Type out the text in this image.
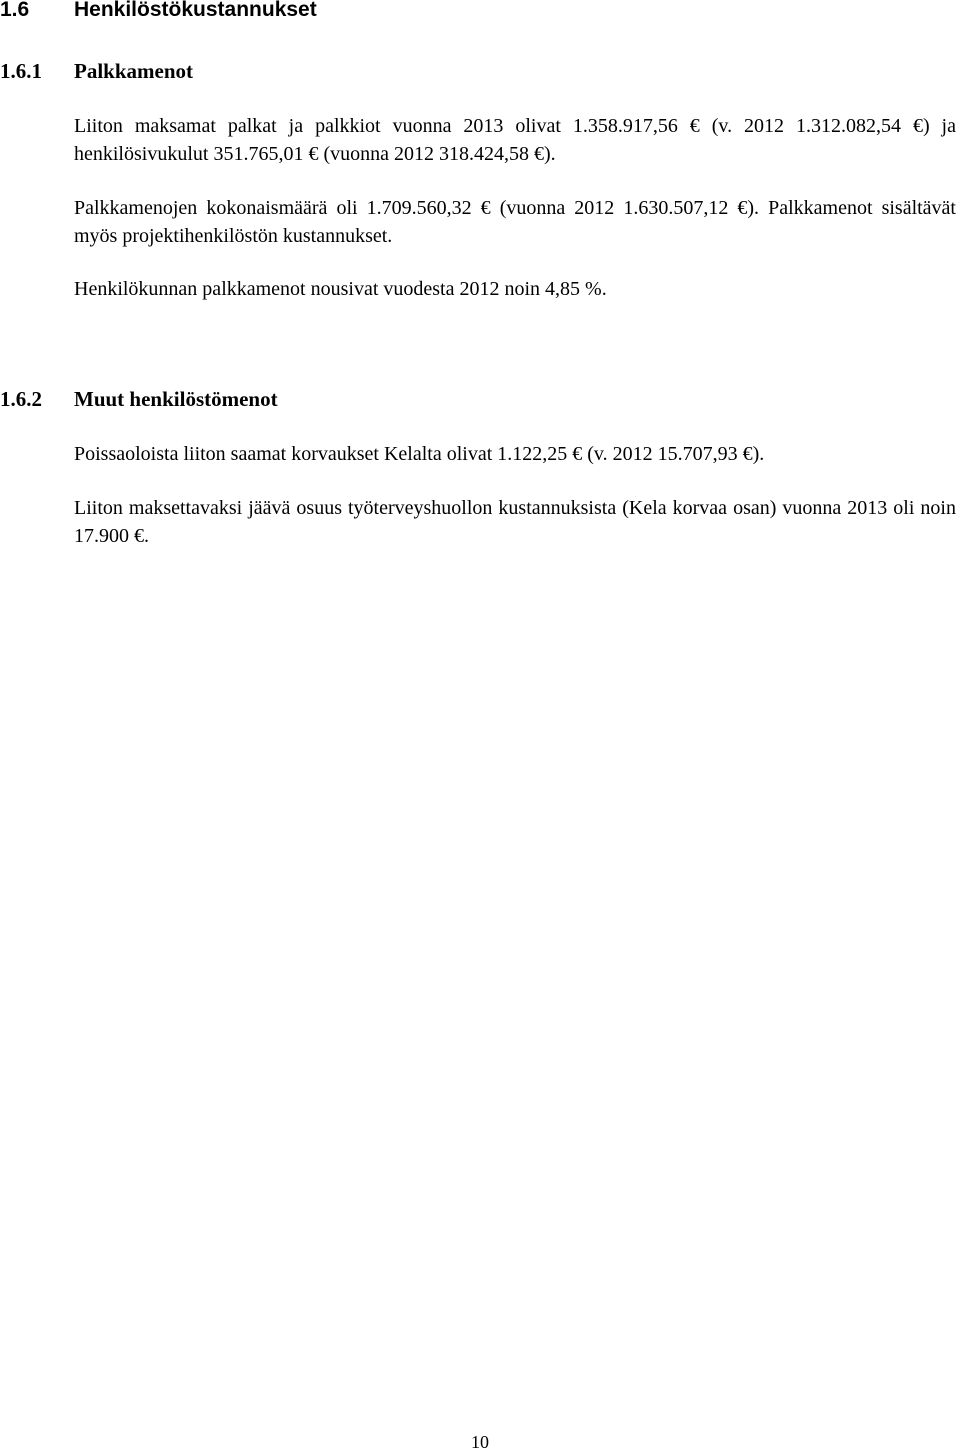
1.6 Henkilöstökustannukset
1.6.1 Palkkamenot

Liiton maksamat palkat ja palkkiot vuonna 2013 olivat 1.358.917,56 € (v. 2012 1.312.082,54 €) ja henkilösivukulut 351.765,01 € (vuonna 2012 318.424,58 €).

Palkkamenojen kokonaismäärä oli 1.709.560,32 € (vuonna 2012 1.630.507,12 €). Palkkamenot sisältävät myös projektihenkilöstön kustannukset.

Henkilökunnan palkkamenot nousivat vuodesta 2012 noin 4,85 %.

1.6.2 Muut henkilöstömenot

Poissaoloista liiton saamat korvaukset Kelalta olivat 1.122,25 € (v. 2012 15.707,93 €).

Liiton maksettavaksi jäävä osuus työterveyshuollon kustannuksista (Kela korvaa osan) vuonna 2013 oli noin 17.900 €.

10
